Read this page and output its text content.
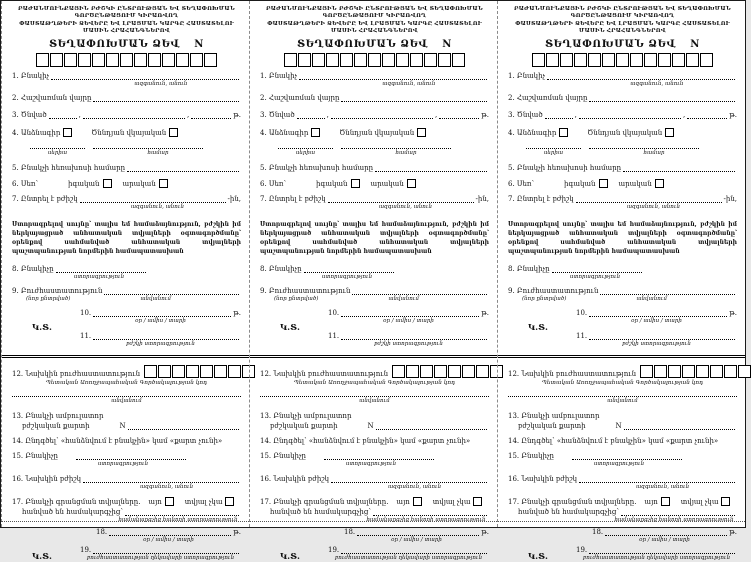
ԲԱԺԱՆՄՈՒՆՔԱՅԻՆ ԲԺՇԿԻ ԸՆՏՐՈՒԹՅԱՆ ԵՎ ՏԵՂԱՓՈԽՄԱՆ ԳՈՐԾԸՆԹԱՑՈՒՄ ԿԻՐԱՌՎՈՂ
ՓԱՍՏԱԹՂԹԵՐԻ ՁԵՎԵՐԸ ԵՎ ԼՐԱՑՄԱՆ ԿԱՐԳԸ ՀԱՍՏԱՏԵԼՈՒ ՄԱՍԻՆ ՀՐԱՀԱՆԳՆԵՐՈՎ
ՏԵՂԱՓՈԽՄԱՆ ՁԵՎ N
1. Բնակիչ
ազգանուն, անուն
2. Հաշվառման վայրը
3. Ծնված	,	,	թ.
4. Անձնագիր	Ծննդյան վկայական
սերիա	համար
5. Բնակչի հեռախոսի համարը
6. Սեռ՝	իգական	արական
7. Ընտրել է բժիշկ	-ին,
ազգանուն, անուն
Ստորագրելով սույնը՝ տալիս եմ համաձայնություն, բժշկին իմ ներկայացրած անհատական տվյալների օգտագործմանը՝ օրենքով սահմանված անհատական տվյալների պաշտպանության նորմերին համապատասխան
8. Բնակիչը
ստորագրություն
9. Բուժհաստատություն
(նոր ընտրված)	անվանում
Կ.Տ.
10.	թ.
օր / ամիս / տարի
11.
բժշկի ստորագրություն
12. Նախկին բուժհաստատություն
Պետական Առողջապահական Գործակալության կոդ
անվանում
13. Բնակչի ամբուլատոր
բժշկական քարտի	N
14. Ընդգծել՝ «հանձնվում է բնակչին» կամ «քարտ չունի»
15. Բնակիչը
ստորագրություն
16. Նախկին բժիշկ
ազգանուն, անուն
17. Բնակչի գրանցման տվյալները. այո	տվյալ չկա
հանված են համակարգչից՝
համակարգչից հանողի ստորագրություն
18.	թ.
օր / ամիս / տարի
Կ.Տ.
19.
բուժհաստատության ղեկավարի ստորագրություն
ԲԱԺԱՆՄՈՒՆՔԱՅԻՆ ԲԺՇԿԻ ԸՆՏՐՈՒԹՅԱՆ ԵՎ ՏԵՂԱՓՈԽՄԱՆ ԳՈՐԾԸՆԹԱՑՈՒՄ ԿԻՐԱՌՎՈՂ
ՓԱՍՏԱԹՂԹԵՐԻ ՁԵՎԵՐԸ ԵՎ ԼՐԱՑՄԱՆ ԿԱՐԳԸ ՀԱՍՏԱՏԵԼՈՒ ՄԱՍԻՆ ՀՐԱՀԱՆԳՆԵՐՈՎ
ՏԵՂԱՓՈԽՄԱՆ ՁԵՎ N
1. Բնակիչ
ազգանուն, անուն
2. Հաշվառման վայրը
3. Ծնված	,	,	թ.
4. Անձնագիր	Ծննդյան վկայական
սերիա	համար
5. Բնակչի հեռախոսի համարը
6. Սեռ՝	իգական	արական
7. Ընտրել է բժիշկ	-ին,
ազգանուն, անուն
Ստորագրելով սույնը՝ տալիս եմ համաձայնություն, բժշկին իմ ներկայացրած անհատական տվյալների օգտագործմանը՝ օրենքով սահմանված անհատական տվյալների պաշտպանության նորմերին համապատասխան
8. Բնակիչը
ստորագրություն
9. Բուժհաստատություն
(նոր ընտրված)	անվանում
Կ.Տ.
10.	թ.
օր / ամիս / տարի
11.
բժշկի ստորագրություն
12. Նախկին բուժհաստատություն
Պետական Առողջապահական Գործակալության կոդ
անվանում
13. Բնակչի ամբուլատոր
բժշկական քարտի	N
14. Ընդգծել՝ «հանձնվում է բնակչին» կամ «քարտ չունի»
15. Բնակիչը
ստորագրություն
16. Նախկին բժիշկ
ազգանուն, անուն
17. Բնակչի գրանցման տվյալները. այո	տվյալ չկա
հանված են համակարգչից՝
համակարգչից հանողի ստորագրություն
18.	թ.
օր / ամիս / տարի
Կ.Տ.
19.
բուժհաստատության ղեկավարի ստորագրություն
ԲԱԺԱՆՄՈՒՆՔԱՅԻՆ ԲԺՇԿԻ ԸՆՏՐՈՒԹՅԱՆ ԵՎ ՏԵՂԱՓՈԽՄԱՆ ԳՈՐԾԸՆԹԱՑՈՒՄ ԿԻՐԱՌՎՈՂ
ՓԱՍՏԱԹՂԹԵՐԻ ՁԵՎԵՐԸ ԵՎ ԼՐԱՑՄԱՆ ԿԱՐԳԸ ՀԱՍՏԱՏԵԼՈՒ ՄԱՍԻՆ ՀՐԱՀԱՆԳՆԵՐՈՎ
ՏԵՂԱՓՈԽՄԱՆ ՁԵՎ N
1. Բնակիչ
ազգանուն, անուն
2. Հաշվառման վայրը
3. Ծնված	,	,	թ.
4. Անձնագիր	Ծննդյան վկայական
սերիա	համար
5. Բնակչի հեռախոսի համարը
6. Սեռ՝	իգական	արական
7. Ընտրել է բժիշկ	-ին,
ազգանուն, անուն
Ստորագրելով սույնը՝ տալիս եմ համաձայնություն, բժշկին իմ ներկայացրած անհատական տվյալների օգտագործմանը՝ օրենքով սահմանված անհատական տվյալների պաշտպանության նորմերին համապատասխան
8. Բնակիչը
ստորագրություն
9. Բուժհաստատություն
(նոր ընտրված)	անվանում
Կ.Տ.
10.	թ.
օր / ամիս / տարի
11.
բժշկի ստորագրություն
12. Նախկին բուժհաստատություն
Պետական Առողջապահական Գործակալության կոդ
անվանում
13. Բնակչի ամբուլատոր
բժշկական քարտի	N
14. Ընդգծել՝ «հանձնվում է բնակչին» կամ «քարտ չունի»
15. Բնակիչը
ստորագրություն
16. Նախկին բժիշկ
ազգանուն, անուն
17. Բնակչի գրանցման տվյալները. այո	տվյալ չկա
հանված են համակարգչից՝
համակարգչից հանողի ստորագրություն
18.	թ.
օր / ամիս / տարի
Կ.Տ.
19.
բուժհաստատության ղեկավարի ստորագրություն
